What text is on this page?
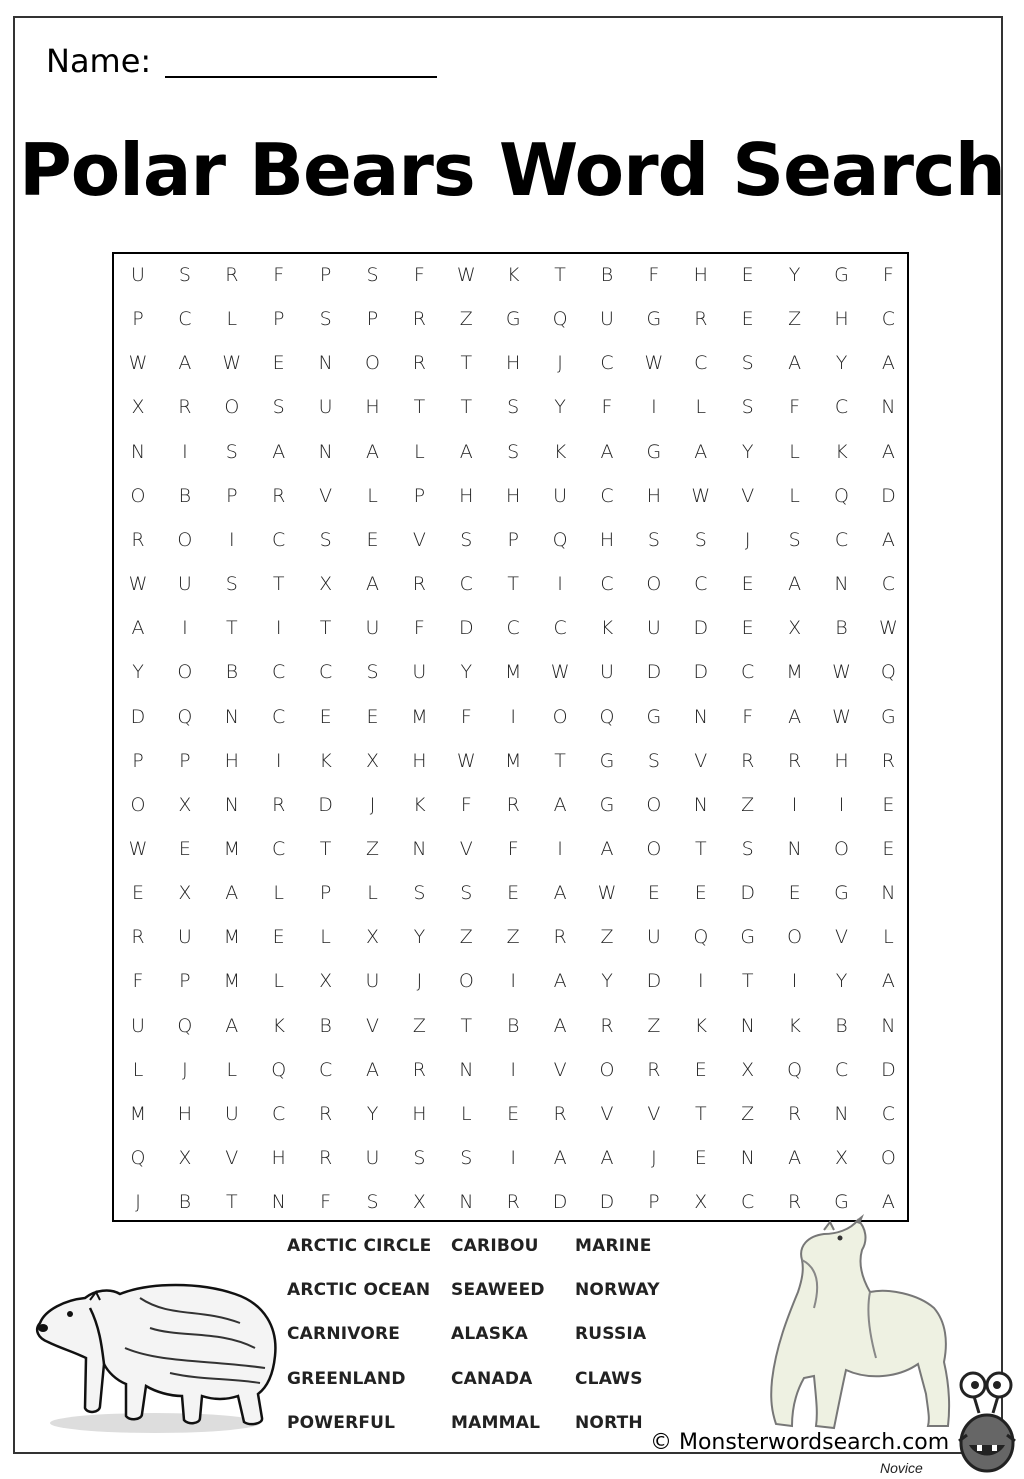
Name:
Polar Bears Word Search
U	S	R	F	P	S	F	W	K	T	B	F	H	E	Y	G	F
P	C	L	P	S	P	R	Z	G	Q	U	G	R	E	Z	H	C
W	A	W	E	N	O	R	T	H	J	C	W	C	S	A	Y	A
X	R	O	S	U	H	T	T	S	Y	F	I	L	S	F	C	N
N	I	S	A	N	A	L	A	S	K	A	G	A	Y	L	K	A
O	B	P	R	V	L	P	H	H	U	C	H	W	V	L	Q	D
R	O	I	C	S	E	V	S	P	Q	H	S	S	J	S	C	A
W	U	S	T	X	A	R	C	T	I	C	O	C	E	A	N	C
A	I	T	I	T	U	F	D	C	C	K	U	D	E	X	B	W
Y	O	B	C	C	S	U	Y	M	W	U	D	D	C	M	W	Q
D	Q	N	C	E	E	M	F	I	O	Q	G	N	F	A	W	G
P	P	H	I	K	X	H	W	M	T	G	S	V	R	R	H	R
O	X	N	R	D	J	K	F	R	A	G	O	N	Z	I	I	E
W	E	M	C	T	Z	N	V	F	I	A	O	T	S	N	O	E
E	X	A	L	P	L	S	S	E	A	W	E	E	D	E	G	N
R	U	M	E	L	X	Y	Z	Z	R	Z	U	Q	G	O	V	L
F	P	M	L	X	U	J	O	I	A	Y	D	I	T	I	Y	A
U	Q	A	K	B	V	Z	T	B	A	R	Z	K	N	K	B	N
L	J	L	Q	C	A	R	N	I	V	O	R	E	X	Q	C	D
M	H	U	C	R	Y	H	L	E	R	V	V	T	Z	R	N	C
Q	X	V	H	R	U	S	S	I	A	A	J	E	N	A	X	O
J	B	T	N	F	S	X	N	R	D	D	P	X	C	R	G	A
ARCTIC CIRCLE
ARCTIC OCEAN
CARNIVORE
GREENLAND
POWERFUL
CARIBOU
SEAWEED
ALASKA
CANADA
MAMMAL
MARINE
NORWAY
RUSSIA
CLAWS
NORTH
© Monsterwordsearch.com
Novice
